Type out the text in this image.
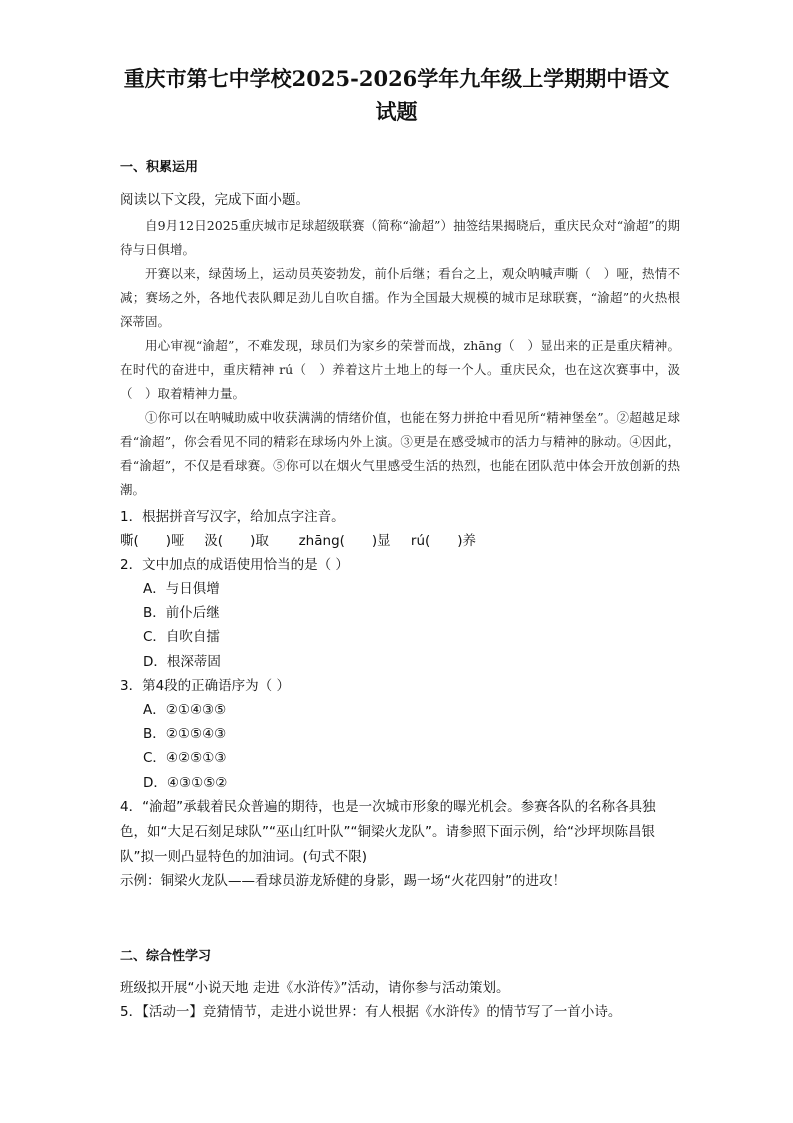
重庆市第七中学校2025-2026学年九年级上学期期中语文
试题
一、积累运用
阅读以下文段，完成下面小题。
自9月12日2025重庆城市足球超级联赛（简称“渝超”）抽签结果揭晓后，重庆民众对“渝超”的期待与日俱增。
开赛以来，绿茵场上，运动员英姿勃发，前仆后继；看台之上，观众呐喊声嘶（　）哑，热情不减；赛场之外，各地代表队卿足劲儿自吹自擂。作为全国最大规模的城市足球联赛，“渝超”的火热根深蒂固。
用心审视“渝超”，不难发现，球员们为家乡的荣誉而战，zhāng（　）显出来的正是重庆精神。在时代的奋进中，重庆精神 rú（　）养着这片土地上的每一个人。重庆民众，也在这次赛事中，汲（　）取着精神力量。
①你可以在呐喊助威中收获满满的情绪价值，也能在努力拼抢中看见所“精神堡垒”。②超越足球看“渝超”，你会看见不同的精彩在球场内外上演。③更是在感受城市的活力与精神的脉动。④因此，看“渝超”，不仅是看球赛。⑤你可以在烟火气里感受生活的热烈，也能在团队范中体会开放创新的热潮。
1．根据拼音写汉字，给加点字注音。
嘶(　　)哑 汲(　　)取 zhāng(　　)显 rú(　　)养
2．文中加点的成语使用恰当的是（ ）
A．与日俱增
B．前仆后继
C．自吹自擂
D．根深蒂固
3．第4段的正确语序为（ ）
A．②①④③⑤
B．②①⑤④③
C．④②⑤①③
D．④③①⑤②
4．“渝超”承载着民众普遍的期待，也是一次城市形象的曝光机会。参赛各队的名称各具独色，如“大足石刻足球队”“巫山红叶队”“铜梁火龙队”。请参照下面示例，给“沙坪坝陈昌银队”拟一则凸显特色的加油词。(句式不限)
示例：铜梁火龙队——看球员游龙矫健的身影，踢一场“火花四射”的进攻！
二、综合性学习
班级拟开展“小说天地 走进《水浒传》”活动，请你参与活动策划。
5．【活动一】竞猜情节，走进小说世界：有人根据《水浒传》的情节写了一首小诗。
